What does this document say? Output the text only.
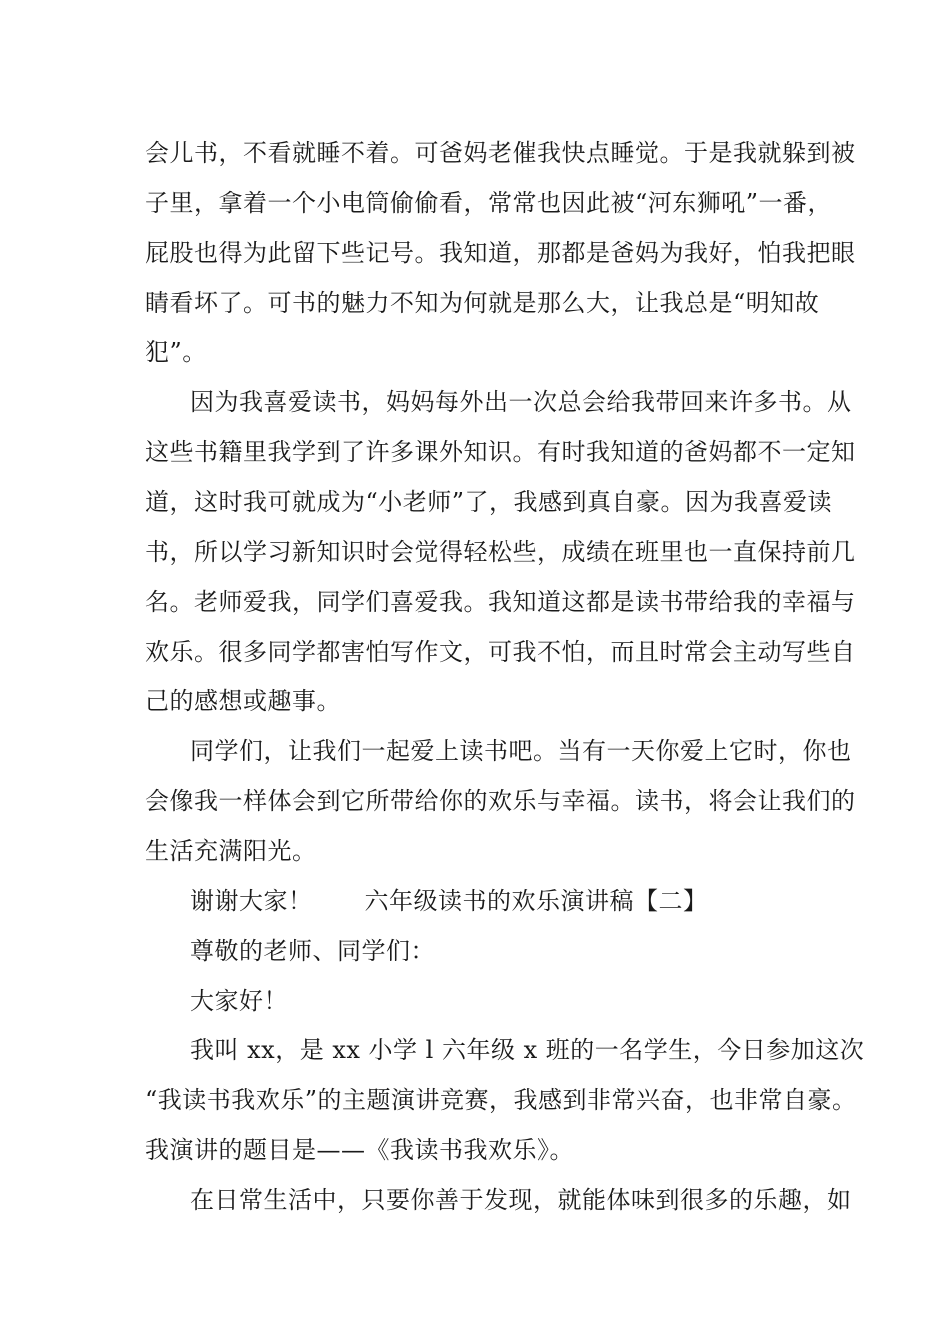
会儿书，不看就睡不着。可爸妈老催我快点睡觉。于是我就躲到被
子里，拿着一个小电筒偷偷看，常常也因此被“河东狮吼”一番，
屁股也得为此留下些记号。我知道，那都是爸妈为我好，怕我把眼
睛看坏了。可书的魅力不知为何就是那么大，让我总是“明知故
犯”。
因为我喜爱读书，妈妈每外出一次总会给我带回来许多书。从
这些书籍里我学到了许多课外知识。有时我知道的爸妈都不一定知
道，这时我可就成为“小老师”了，我感到真自豪。因为我喜爱读
书，所以学习新知识时会觉得轻松些，成绩在班里也一直保持前几
名。老师爱我，同学们喜爱我。我知道这都是读书带给我的幸福与
欢乐。很多同学都害怕写作文，可我不怕，而且时常会主动写些自
己的感想或趣事。
同学们，让我们一起爱上读书吧。当有一天你爱上它时，你也
会像我一样体会到它所带给你的欢乐与幸福。读书，将会让我们的
生活充满阳光。
谢谢大家！ 六年级读书的欢乐演讲稿【二】
尊敬的老师、同学们：
大家好！
我叫 xx，是 xx 小学 l 六年级 x 班的一名学生，今日参加这次
“我读书我欢乐”的主题演讲竞赛，我感到非常兴奋，也非常自豪。
我演讲的题目是——《我读书我欢乐》。
在日常生活中，只要你善于发现，就能体味到很多的乐趣，如
